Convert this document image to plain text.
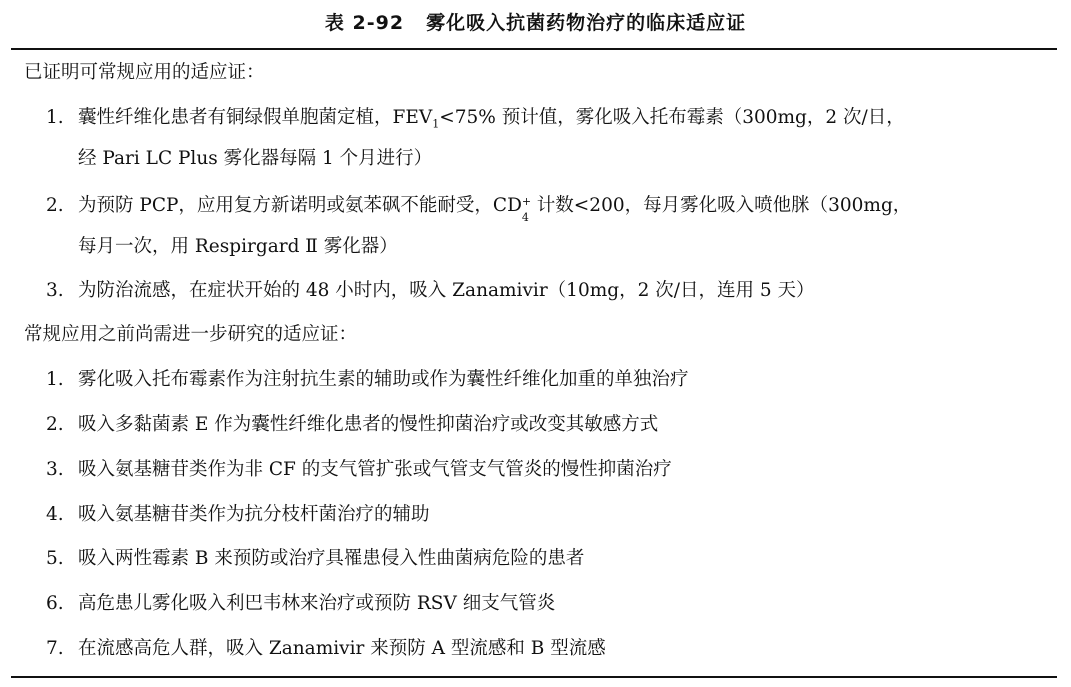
表 2-92 雾化吸入抗菌药物治疗的临床适应证
已证明可常规应用的适应证：
1. 囊性纤维化患者有铜绿假单胞菌定植，$FEV_1<75\%$ 预计值，雾化吸入托布霉素（300mg，2 次/日，
经 Pari LC Plus 雾化器每隔 1 个月进行）
2. 为预防 PCP，应用复方新诺明或氨苯砜不能耐受，CD +
4
计数<200，每月雾化吸入喷他脒（300mg，
每月一次，用 Respirgard Ⅱ 雾化器）
3. 为防治流感，在症状开始的 48 小时内，吸入 Zanamivir（10mg，2 次/日，连用 5 天）
常规应用之前尚需进一步研究的适应证：
1. 雾化吸入托布霉素作为注射抗生素的辅助或作为囊性纤维化加重的单独治疗
2. 吸入多黏菌素 E 作为囊性纤维化患者的慢性抑菌治疗或改变其敏感方式
3. 吸入氨基糖苷类作为非 CF 的支气管扩张或气管支气管炎的慢性抑菌治疗
4. 吸入氨基糖苷类作为抗分枝杆菌治疗的辅助
5. 吸入两性霉素 B 来预防或治疗具罹患侵入性曲菌病危险的患者
6. 高危患儿雾化吸入利巴韦林来治疗或预防 RSV 细支气管炎
7. 在流感高危人群，吸入 Zanamivir 来预防 A 型流感和 B 型流感
